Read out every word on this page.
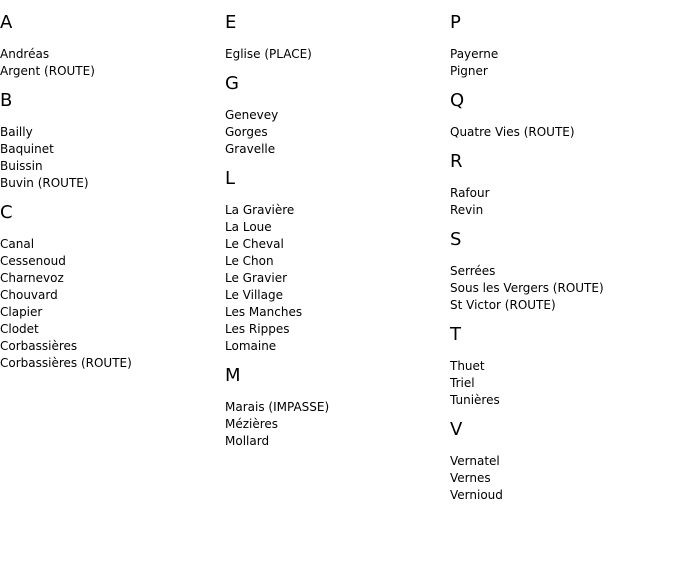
A
Andréas
Argent (ROUTE)
B
Bailly
Baquinet
Buissin
Buvin (ROUTE)
C
Canal
Cessenoud
Charnevoz
Chouvard
Clapier
Clodet
Corbassières
Corbassières (ROUTE)
E
Eglise (PLACE)
G
Genevey
Gorges
Gravelle
L
La Gravière
La Loue
Le Cheval
Le Chon
Le Gravier
Le Village
Les Manches
Les Rippes
Lomaine
M
Marais (IMPASSE)
Mézières
Mollard
P
Payerne
Pigner
Q
Quatre Vies (ROUTE)
R
Rafour
Revin
S
Serrées
Sous les Vergers (ROUTE)
St Victor (ROUTE)
T
Thuet
Triel
Tunières
V
Vernatel
Vernes
Vernioud
